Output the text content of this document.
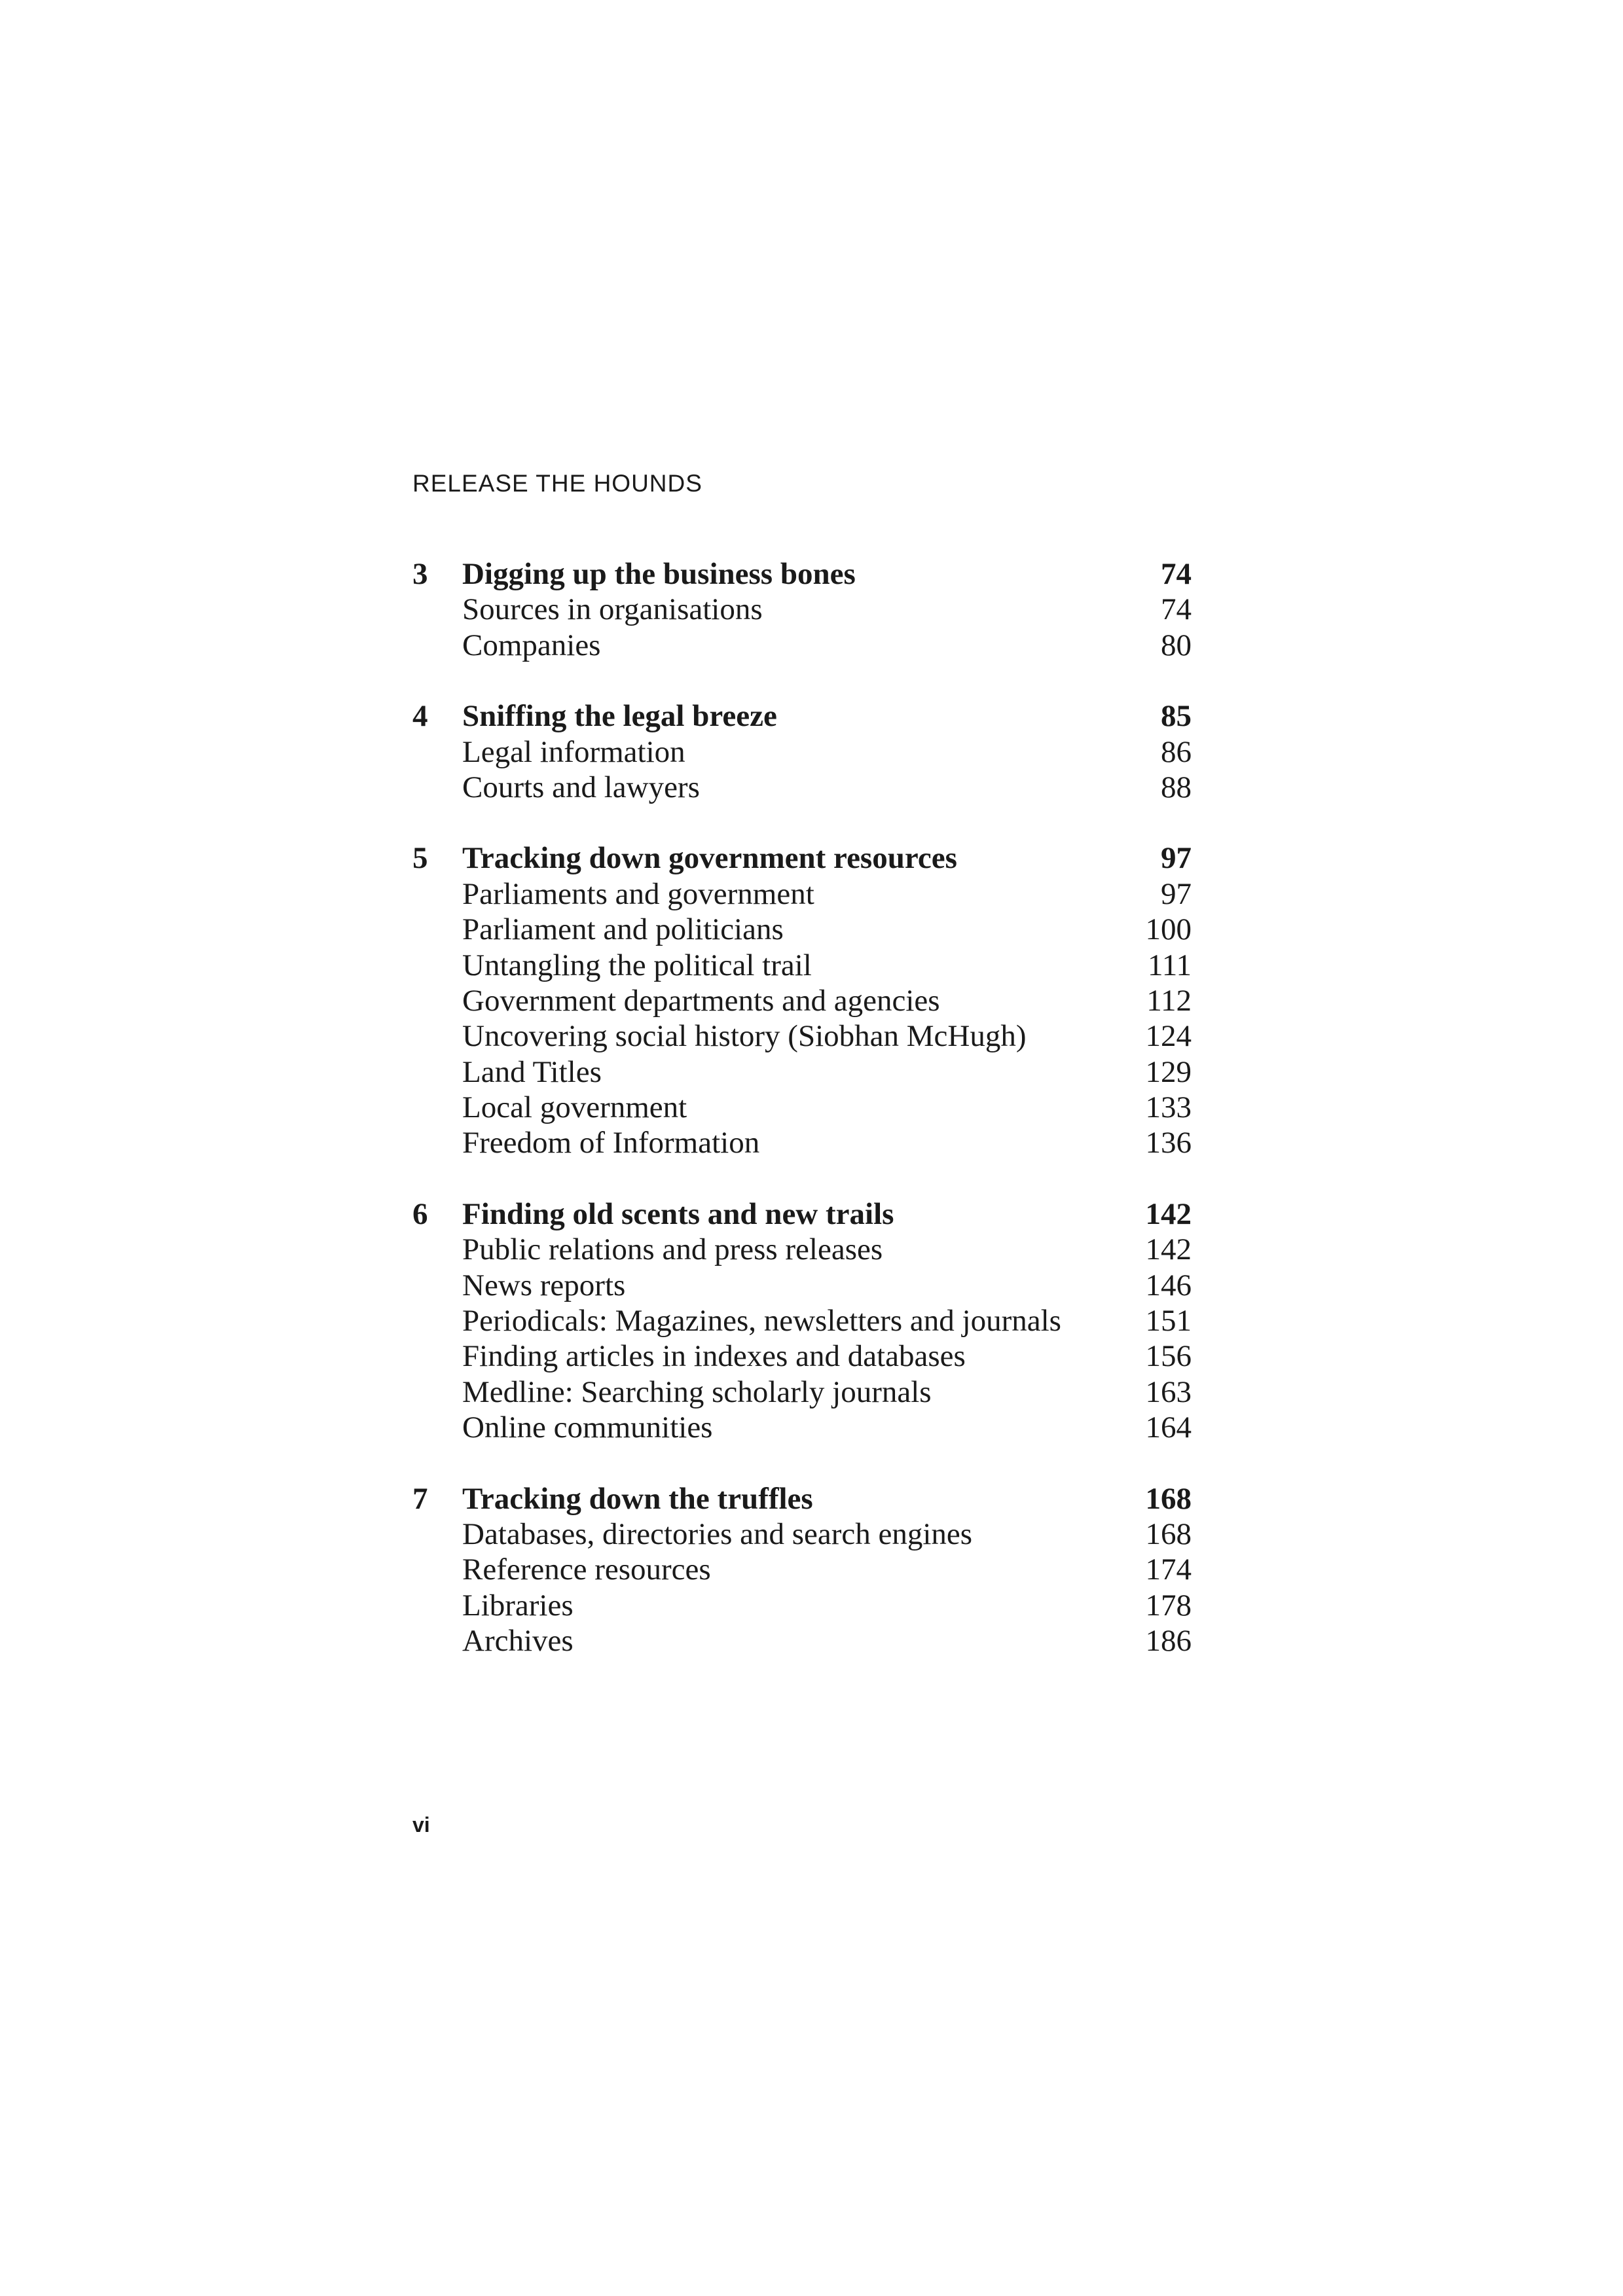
RELEASE THE HOUNDS
3 Digging up the business bones	74
Sources in organisations	74
Companies	80
4 Sniffing the legal breeze	85
Legal information	86
Courts and lawyers	88
5 Tracking down government resources	97
Parliaments and government	97
Parliament and politicians	100
Untangling the political trail	111
Government departments and agencies	112
Uncovering social history (Siobhan McHugh)	124
Land Titles	129
Local government	133
Freedom of Information	136
6 Finding old scents and new trails	142
Public relations and press releases	142
News reports	146
Periodicals: Magazines, newsletters and journals	151
Finding articles in indexes and databases	156
Medline: Searching scholarly journals	163
Online communities	164
7 Tracking down the truffles	168
Databases, directories and search engines	168
Reference resources	174
Libraries	178
Archives	186
vi
